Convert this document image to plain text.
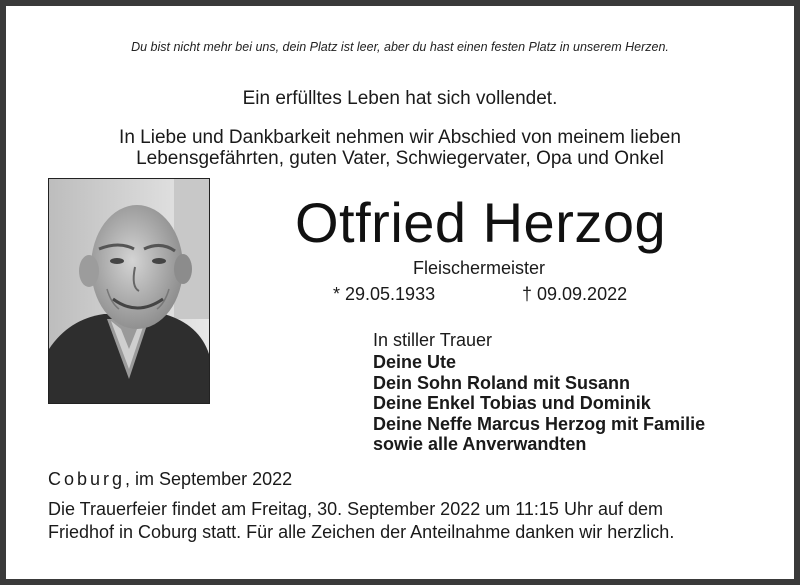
Du bist nicht mehr bei uns, dein Platz ist leer, aber du hast einen festen Platz in unserem Herzen.
Ein erfülltes Leben hat sich vollendet.
In Liebe und Dankbarkeit nehmen wir Abschied von meinem lieben
Lebensgefährten, guten Vater, Schwiegervater, Opa und Onkel
Otfried Herzog
Fleischermeister
* 29.05.1933	† 09.09.2022
In stiller Trauer
Deine Ute
Dein Sohn Roland mit Susann
Deine Enkel Tobias und Dominik
Deine Neffe Marcus Herzog mit Familie
sowie alle Anverwandten
Coburg, im September 2022
Die Trauerfeier findet am Freitag, 30. September 2022 um 11:15 Uhr auf dem
Friedhof in Coburg statt. Für alle Zeichen der Anteilnahme danken wir herzlich.
